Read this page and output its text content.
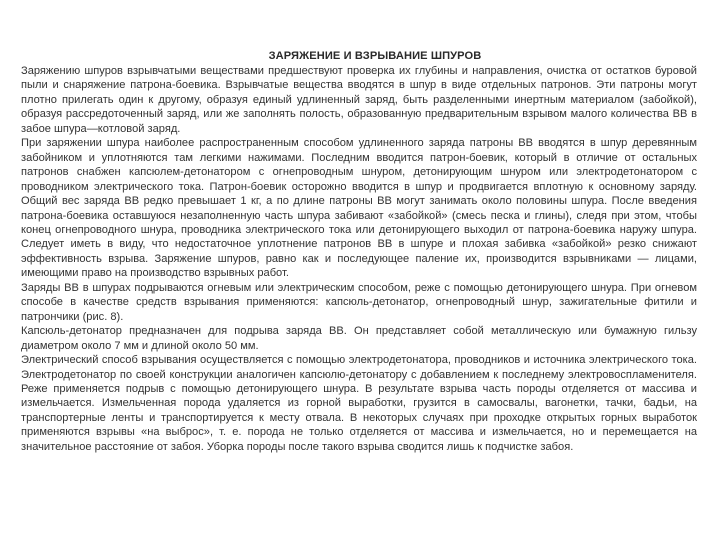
ЗАРЯЖЕНИЕ И ВЗРЫВАНИЕ ШПУРОВ

Заряжению шпуров взрывчатыми веществами предшествуют проверка их глубины и направления, очистка от остатков буровой пыли и снаряжение патрона-боевика. Взрывчатые вещества вводятся в шпур в виде отдельных патронов. Эти патроны могут плотно прилегать один к другому, образуя единый удлиненный заряд, быть разделенными инертным материалом (забойкой), образуя рассредоточенный заряд, или же заполнять полость, образованную предварительным взрывом малого количества ВВ в забое шпура—котловой заряд.

При заряжении шпура наиболее распространенным способом удлиненного заряда патроны ВВ вводятся в шпур деревянным забойником и уплотняются там легкими нажимами. Последним вводится патрон-боевик, который в отличие от остальных патронов снабжен капсюлем-детонатором с огнепроводным шнуром, детонирующим шнуром или электродетонатором с проводником электрического тока. Патрон-боевик осторожно вводится в шпур и продвигается вплотную к основному заряду. Общий вес заряда ВВ редко превышает 1 кг, а по длине патроны ВВ могут занимать около половины шпура. После введения патрона-боевика оставшуюся незаполненную часть шпура забивают «забойкой» (смесь песка и глины), следя при этом, чтобы конец огнепроводного шнура, проводника электрического тока или детонирующего выходил от патрона-боевика наружу шпура. Следует иметь в виду, что недостаточное уплотнение патронов ВВ в шпуре и плохая забивка «забойкой» резко снижают эффективность взрыва. Заряжение шпуров, равно как и последующее паление их, производится взрывниками — лицами, имеющими право на производство взрывных работ.

Заряды ВВ в шпурах подрываются огневым или электрическим способом, реже с помощью детонирующего шнура. При огневом способе в качестве средств взрывания применяются: капсюль-детонатор, огнепроводный шнур, зажигательные фитили и патрончики (рис. 8).

Капсюль-детонатор предназначен для подрыва заряда ВВ. Он представляет собой металлическую или бумажную гильзу диаметром около 7 мм и длиной около 50 мм.

Электрический способ взрывания осуществляется с помощью электродетонатора, проводников и источника электрического тока. Электродетонатор по своей конструкции аналогичен капсюлю-детонатору с добавлением к последнему электровоспламенителя. Реже применяется подрыв с помощью детонирующего шнура. В результате взрыва часть породы отделяется от массива и измельчается. Измельченная порода удаляется из горной выработки, грузится в самосвалы, вагонетки, тачки, бадьи, на транспортерные ленты и транспортируется к месту отвала. В некоторых случаях при проходке открытых горных выработок применяются взрывы «на выброс», т. е. порода не только отделяется от массива и измельчается, но и перемещается на значительное расстояние от забоя. Уборка породы после такого взрыва сводится лишь к подчистке забоя.
